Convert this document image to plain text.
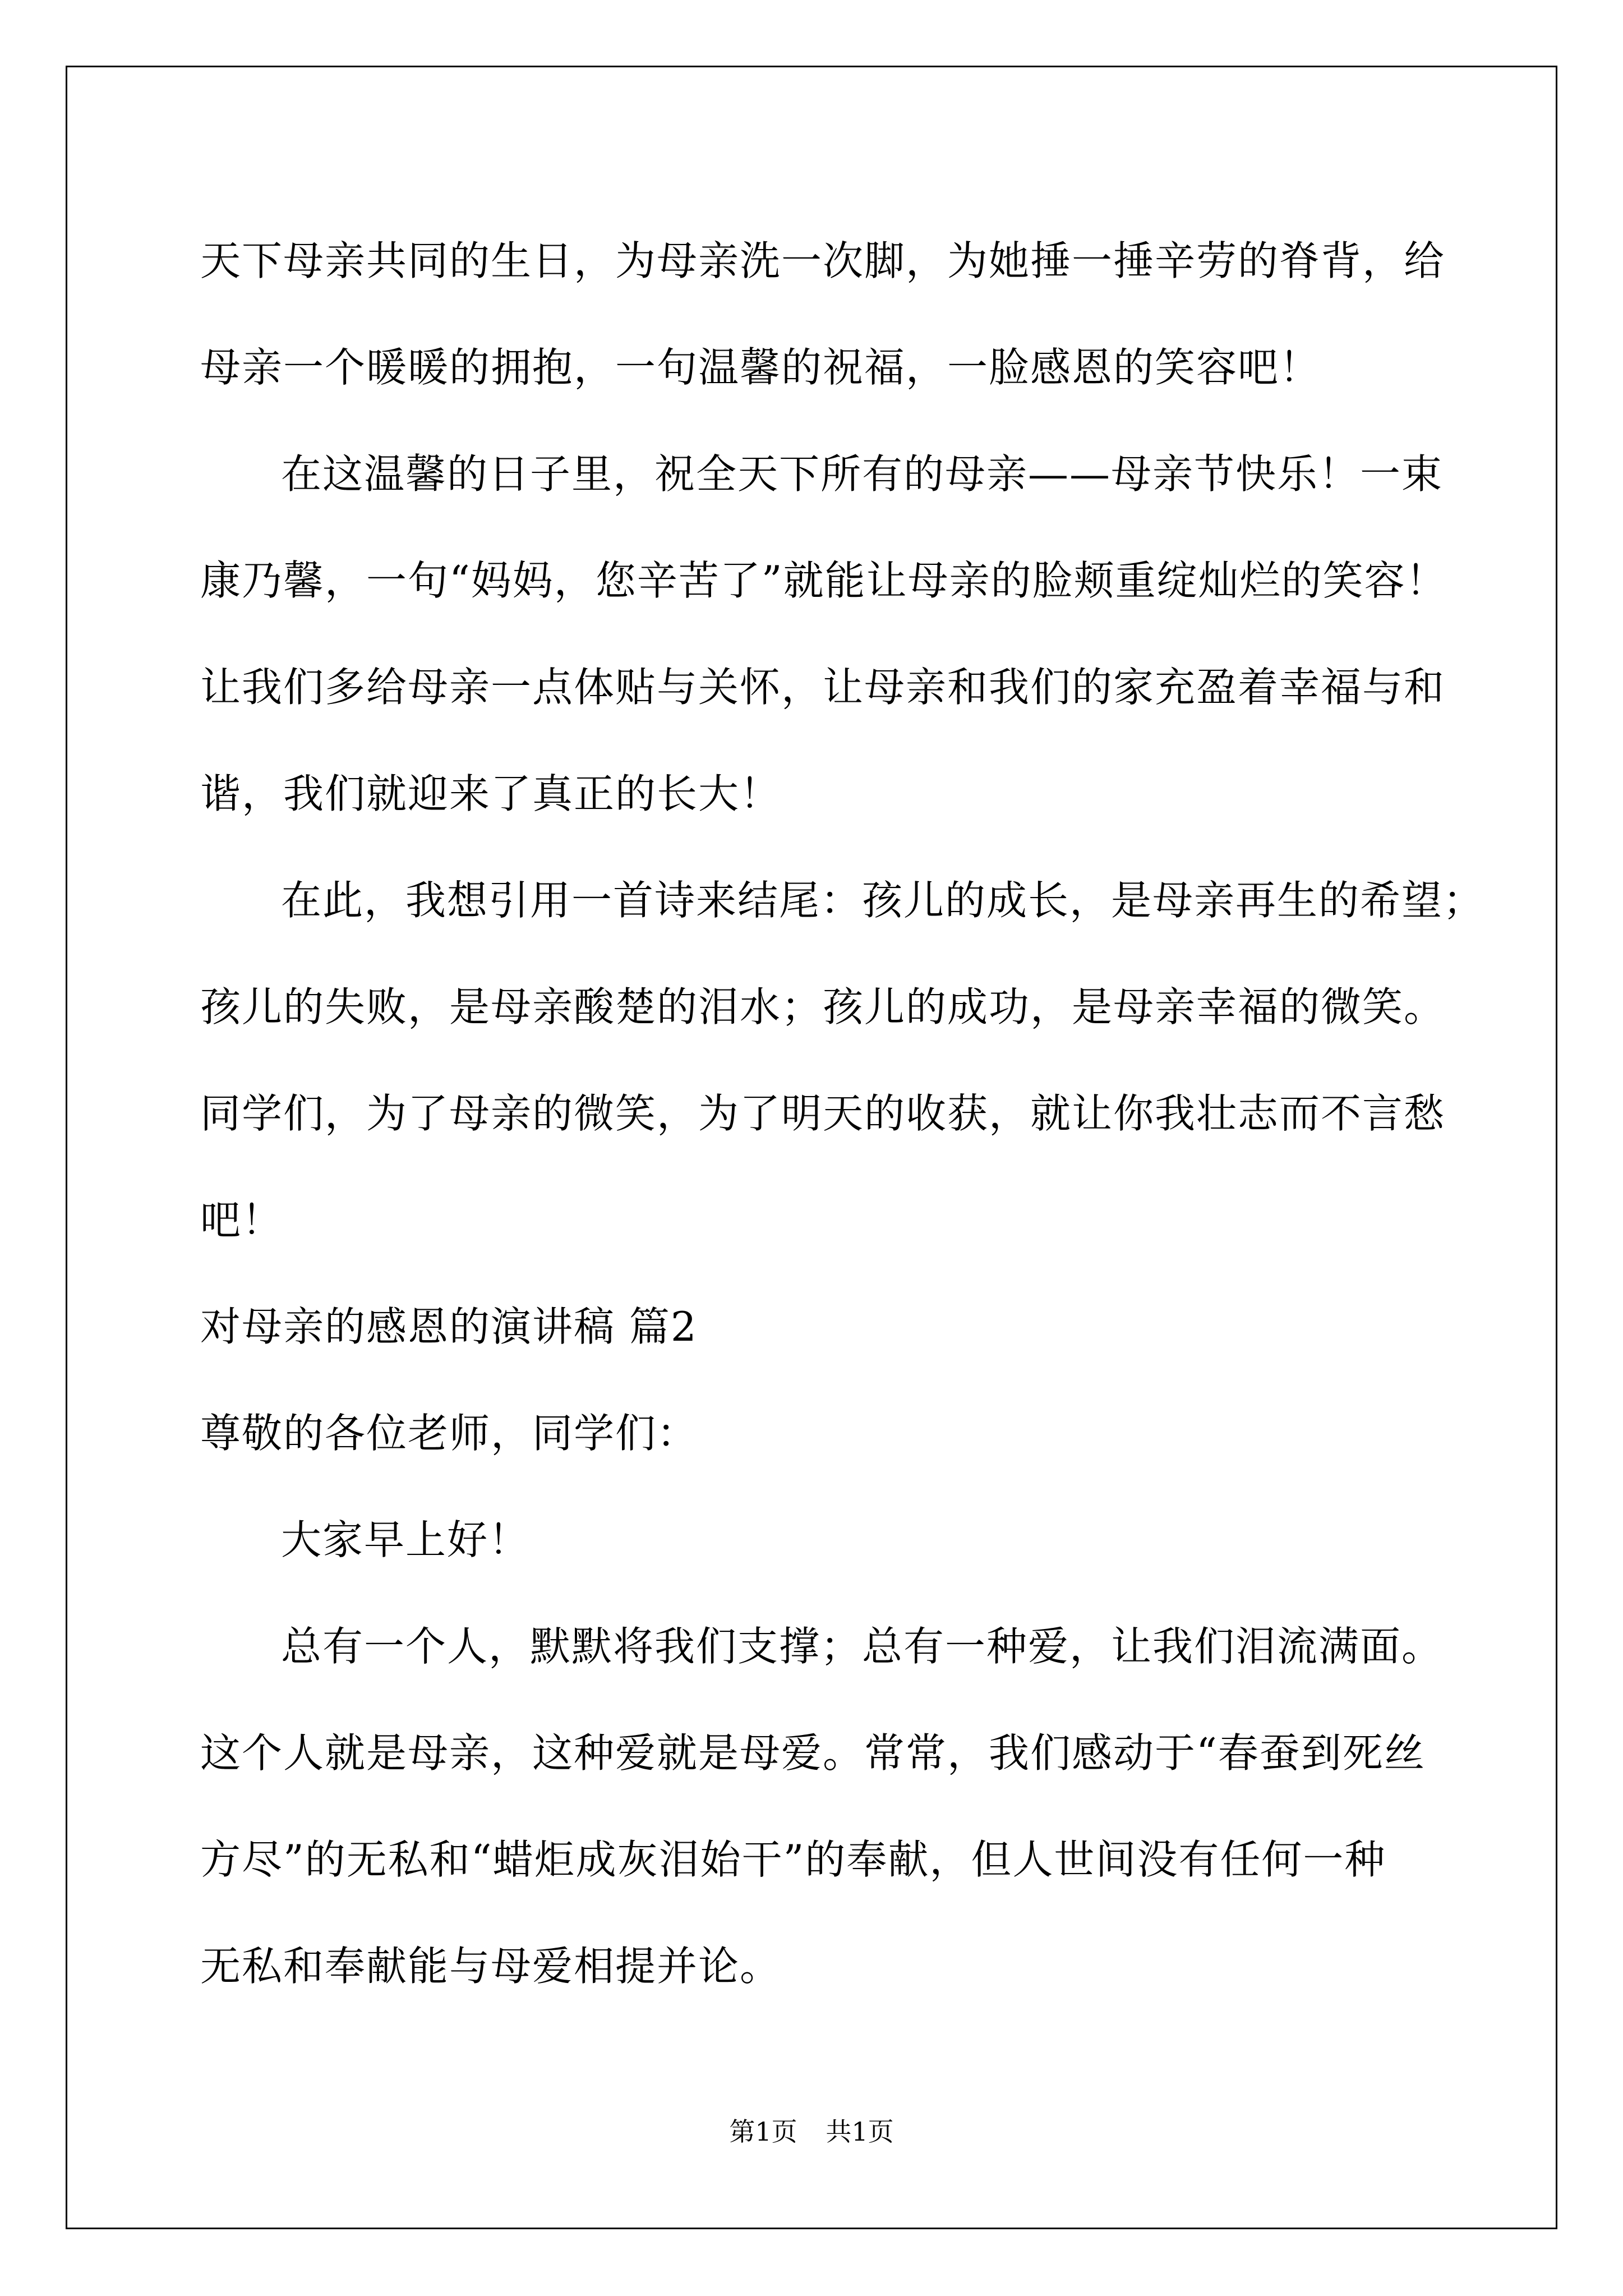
天下母亲共同的生日，为母亲洗一次脚，为她捶一捶辛劳的脊背，给
母亲一个暖暖的拥抱，一句温馨的祝福，一脸感恩的笑容吧！
在这温馨的日子里，祝全天下所有的母亲——母亲节快乐！一束
康乃馨，一句“妈妈，您辛苦了”就能让母亲的脸颊重绽灿烂的笑容！
让我们多给母亲一点体贴与关怀，让母亲和我们的家充盈着幸福与和
谐，我们就迎来了真正的长大！
在此，我想引用一首诗来结尾：孩儿的成长，是母亲再生的希望；
孩儿的失败，是母亲酸楚的泪水；孩儿的成功，是母亲幸福的微笑。
同学们，为了母亲的微笑，为了明天的收获，就让你我壮志而不言愁
吧！
对母亲的感恩的演讲稿 篇2
尊敬的各位老师，同学们：
大家早上好！
总有一个人，默默将我们支撑；总有一种爱，让我们泪流满面。
这个人就是母亲，这种爱就是母爱。常常，我们感动于“春蚕到死丝
方尽”的无私和“蜡炬成灰泪始干”的奉献，但人世间没有任何一种
无私和奉献能与母爱相提并论。
第1页 共1页
